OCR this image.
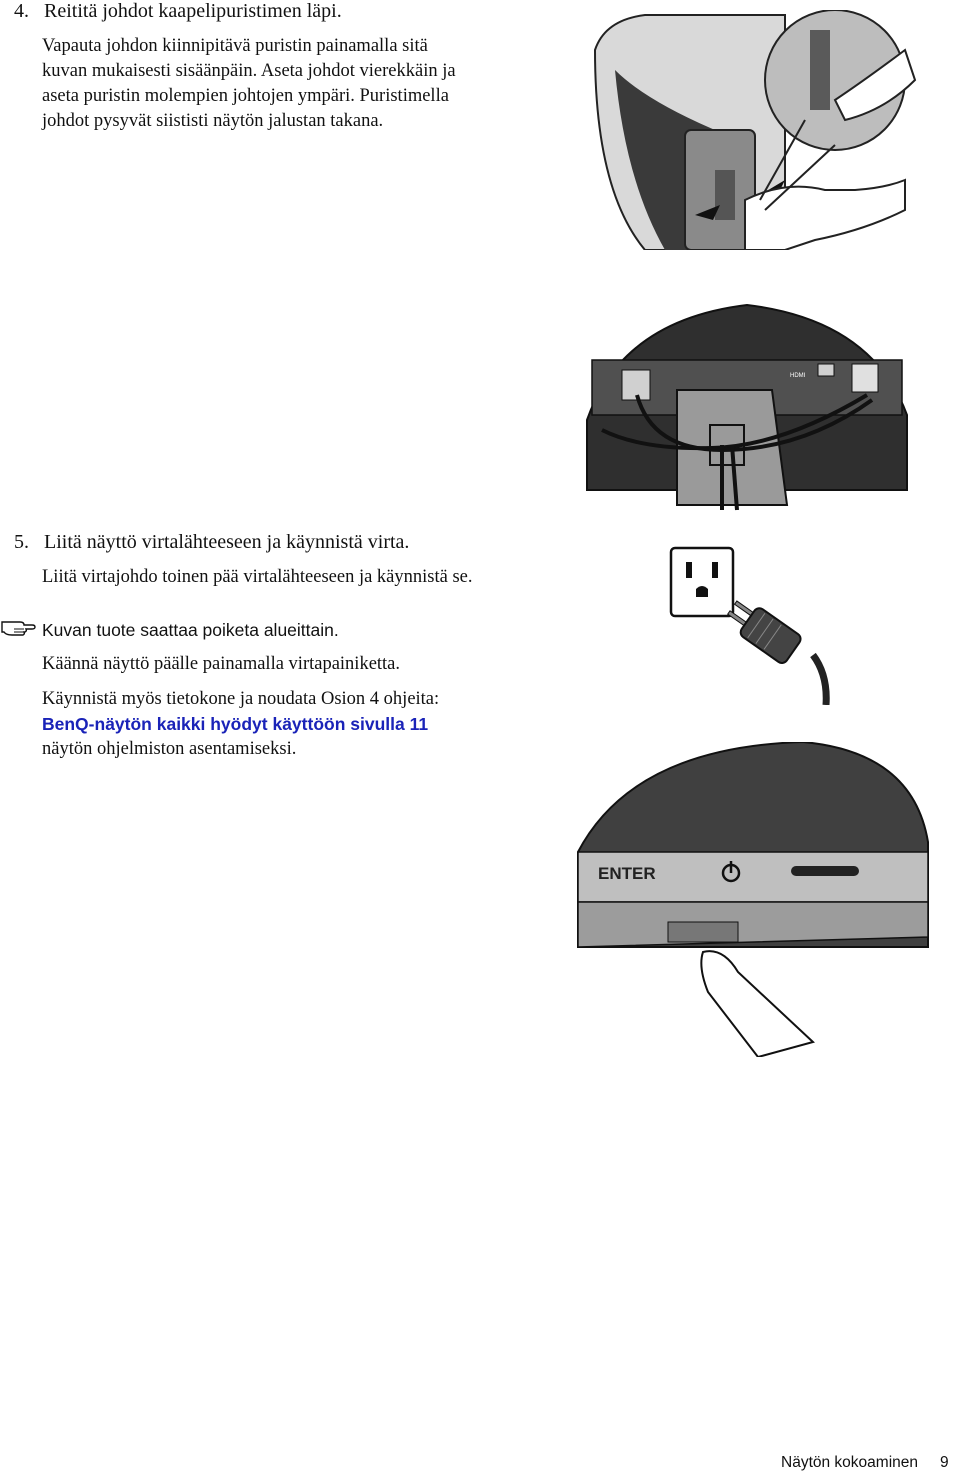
4. Reititä johdot kaapelipuristimen läpi.
Vapauta johdon kiinnipitävä puristin painamalla sitä
kuvan mukaisesti sisäänpäin. Aseta johdot vierekkäin ja
aseta puristin molempien johtojen ympäri. Puristimella
johdot pysyvät siististi näytön jalustan takana.
HDMI
5. Liitä näyttö virtalähteeseen ja käynnistä virta.
Liitä virtajohdo toinen pää virtalähteeseen ja käynnistä se.
Kuvan tuote saattaa poiketa alueittain.
Käännä näyttö päälle painamalla virtapainiketta.
Käynnistä myös tietokone ja noudata Osion 4 ohjeita:
BenQ-näytön kaikki hyödyt käyttöön sivulla 11
näytön ohjelmiston asentamiseksi.
ENTER
Näytön kokoaminen 9
